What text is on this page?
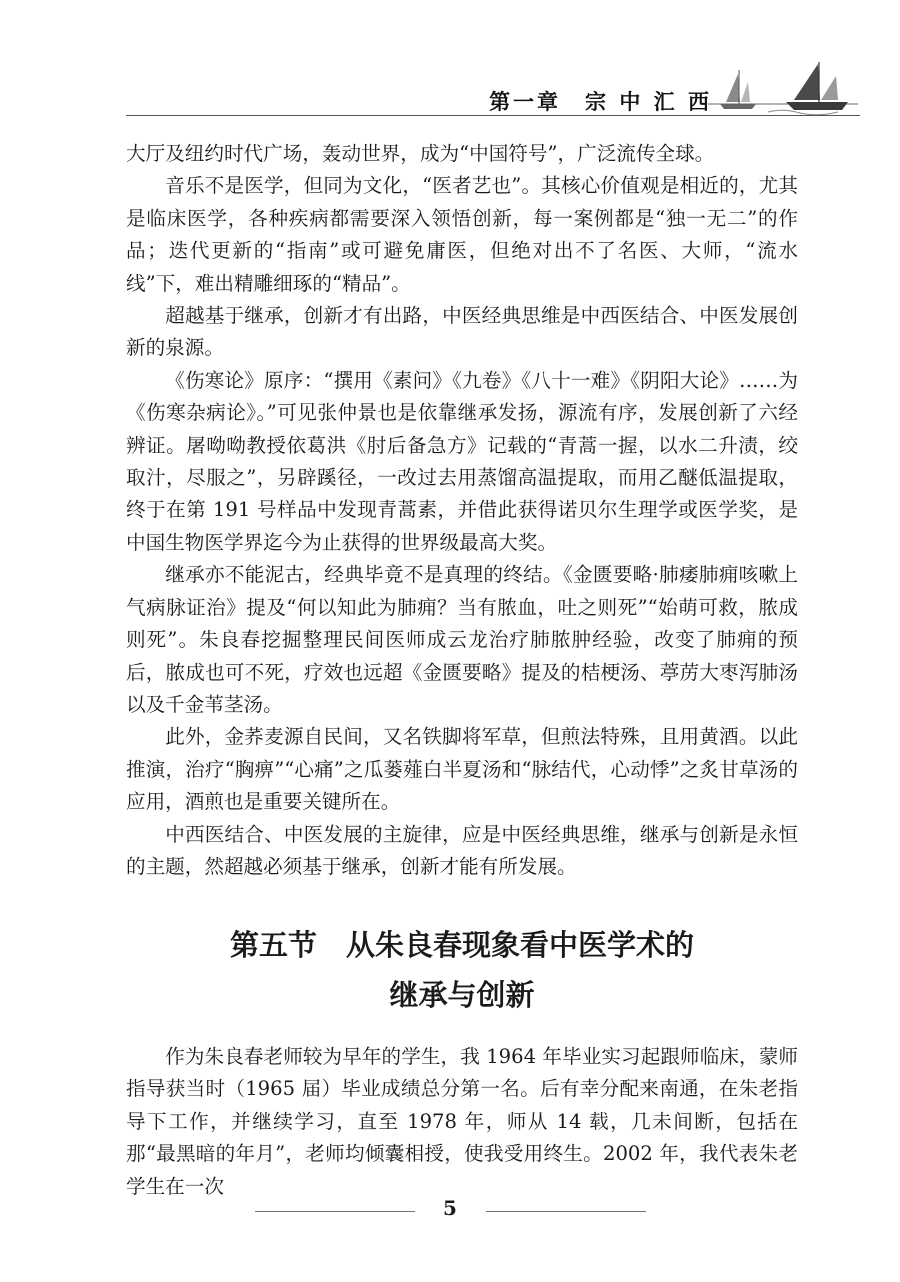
第一章　宗 中 汇 西

大厅及纽约时代广场，轰动世界，成为“中国符号”，广泛流传全球。

音乐不是医学，但同为文化，“医者艺也”。其核心价值观是相近的，尤其是临床医学，各种疾病都需要深入领悟创新，每一案例都是“独一无二”的作品；迭代更新的“指南”或可避免庸医，但绝对出不了名医、大师，“流水线”下，难出精雕细琢的“精品”。

超越基于继承，创新才有出路，中医经典思维是中西医结合、中医发展创新的泉源。

《伤寒论》原序：“撰用《素问》《九卷》《八十一难》《阴阳大论》……为《伤寒杂病论》。”可见张仲景也是依靠继承发扬，源流有序，发展创新了六经辨证。屠呦呦教授依葛洪《肘后备急方》记载的“青蒿一握，以水二升渍，绞取汁，尽服之”，另辟蹊径，一改过去用蒸馏高温提取，而用乙醚低温提取，终于在第 191 号样品中发现青蒿素，并借此获得诺贝尔生理学或医学奖，是中国生物医学界迄今为止获得的世界级最高大奖。

继承亦不能泥古，经典毕竟不是真理的终结。《金匮要略·肺痿肺痈咳嗽上气病脉证治》提及“何以知此为肺痈？当有脓血，吐之则死”“始萌可救，脓成则死”。朱良春挖掘整理民间医师成云龙治疗肺脓肿经验，改变了肺痈的预后，脓成也可不死，疗效也远超《金匮要略》提及的桔梗汤、葶苈大枣泻肺汤以及千金苇茎汤。

此外，金荞麦源自民间，又名铁脚将军草，但煎法特殊，且用黄酒。以此推演，治疗“胸痹”“心痛”之瓜蒌薤白半夏汤和“脉结代，心动悸”之炙甘草汤的应用，酒煎也是重要关键所在。

中西医结合、中医发展的主旋律，应是中医经典思维，继承与创新是永恒的主题，然超越必须基于继承，创新才能有所发展。

第五节　从朱良春现象看中医学术的
继承与创新

作为朱良春老师较为早年的学生，我 1964 年毕业实习起跟师临床，蒙师指导获当时（1965 届）毕业成绩总分第一名。后有幸分配来南通，在朱老指导下工作，并继续学习，直至 1978 年，师从 14 载，几未间断，包括在那“最黑暗的年月”，老师均倾囊相授，使我受用终生。2002 年，我代表朱老学生在一次

5
